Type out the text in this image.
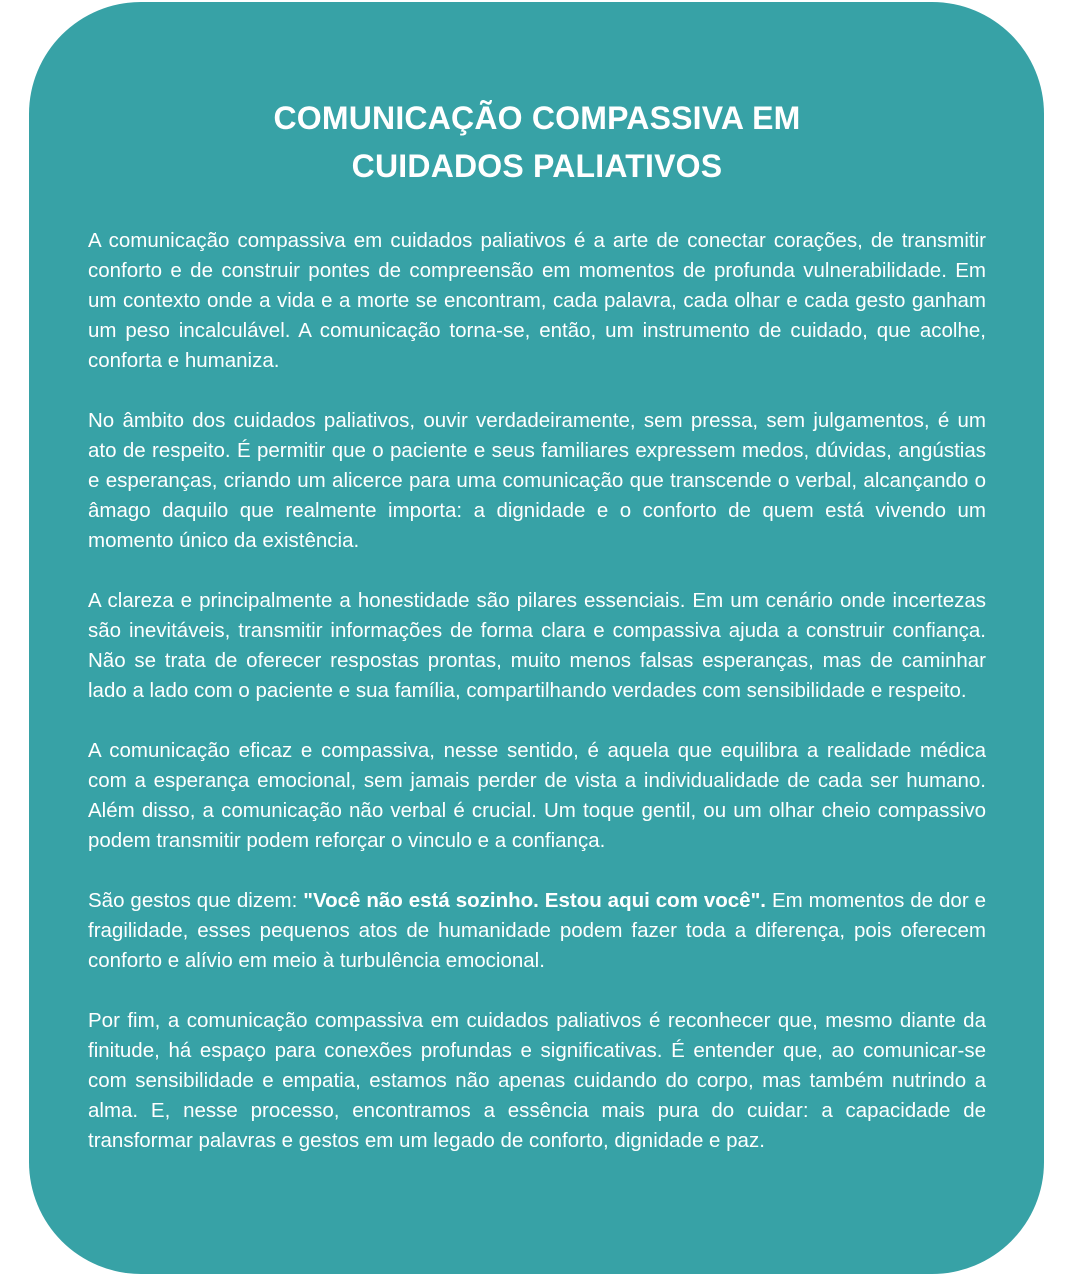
COMUNICAÇÃO COMPASSIVA EM
CUIDADOS PALIATIVOS

A comunicação compassiva em cuidados paliativos é a arte de conectar corações, de transmitir conforto e de construir pontes de compreensão em momentos de profunda vulnerabilidade. Em um contexto onde a vida e a morte se encontram, cada palavra, cada olhar e cada gesto ganham um peso incalculável. A comunicação torna-se, então, um instrumento de cuidado, que acolhe, conforta e humaniza.

No âmbito dos cuidados paliativos, ouvir verdadeiramente, sem pressa, sem julgamentos, é um ato de respeito. É permitir que o paciente e seus familiares expressem medos, dúvidas, angústias e esperanças, criando um alicerce para uma comunicação que transcende o verbal, alcançando o âmago daquilo que realmente importa: a dignidade e o conforto de quem está vivendo um momento único da existência.

A clareza e principalmente a honestidade são pilares essenciais. Em um cenário onde incertezas são inevitáveis, transmitir informações de forma clara e compassiva ajuda a construir confiança. Não se trata de oferecer respostas prontas, muito menos falsas esperanças, mas de caminhar lado a lado com o paciente e sua família, compartilhando verdades com sensibilidade e respeito.

A comunicação eficaz e compassiva, nesse sentido, é aquela que equilibra a realidade médica com a esperança emocional, sem jamais perder de vista a individualidade de cada ser humano. Além disso, a comunicação não verbal é crucial. Um toque gentil, ou um olhar cheio compassivo podem transmitir podem reforçar o vinculo e a confiança.

São gestos que dizem: "Você não está sozinho. Estou aqui com você". Em momentos de dor e fragilidade, esses pequenos atos de humanidade podem fazer toda a diferença, pois oferecem conforto e alívio em meio à turbulência emocional.

Por fim, a comunicação compassiva em cuidados paliativos é reconhecer que, mesmo diante da finitude, há espaço para conexões profundas e significativas. É entender que, ao comunicar-se com sensibilidade e empatia, estamos não apenas cuidando do corpo, mas também nutrindo a alma. E, nesse processo, encontramos a essência mais pura do cuidar: a capacidade de transformar palavras e gestos em um legado de conforto, dignidade e paz.
